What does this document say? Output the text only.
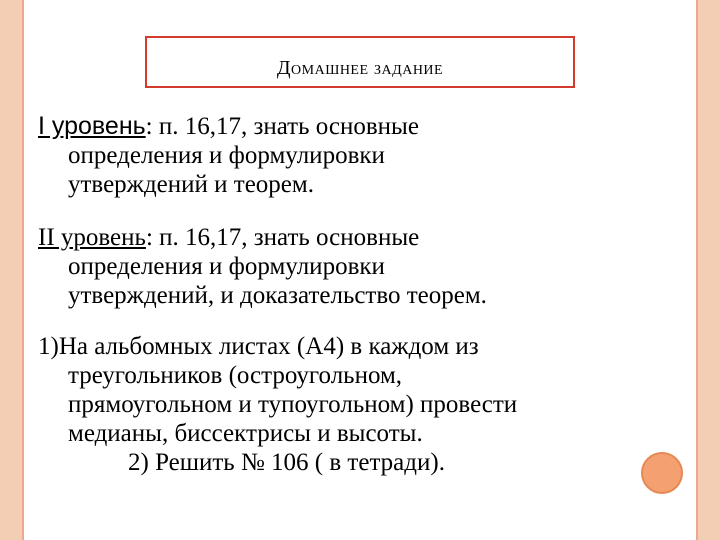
Домашнее задание
I уровень: п. 16,17, знать основные
определения и формулировки
утверждений и теорем.
II уровень: п. 16,17, знать основные
определения и формулировки
утверждений, и доказательство теорем.
1)На альбомных листах (А4) в каждом из
треугольников (остроугольном,
прямоугольном и тупоугольном) провести
медианы, биссектрисы и высоты.
2) Решить № 106 ( в тетради).
